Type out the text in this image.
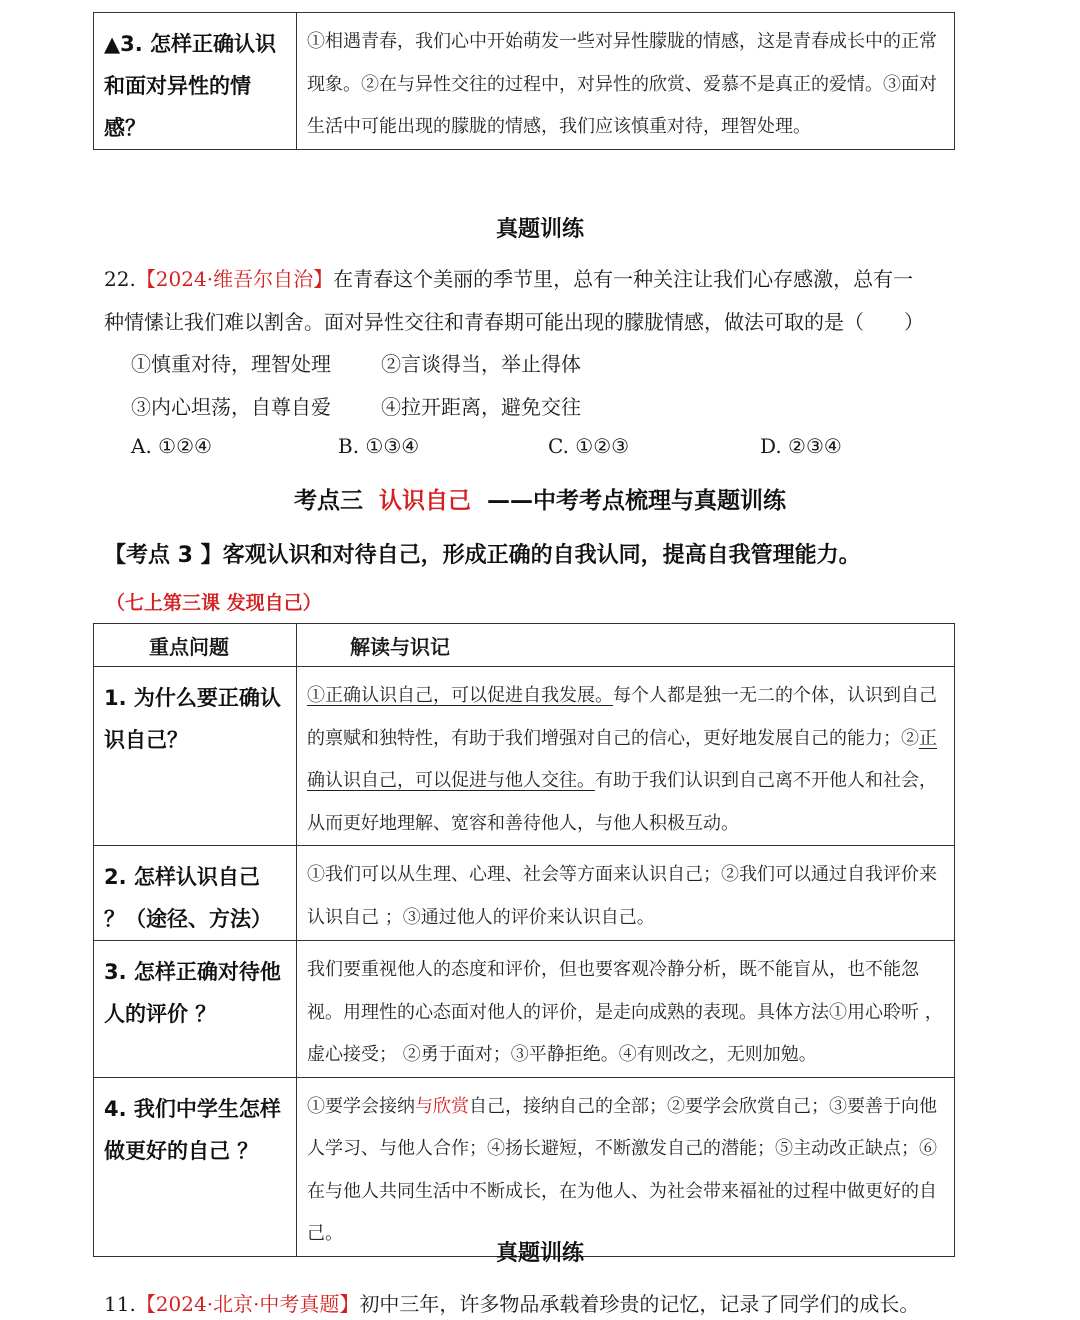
▲3. 怎样正确认识和面对异性的情感？	①相遇青春，我们心中开始萌发一些对异性朦胧的情感，这是青春成长中的正常现象。②在与异性交往的过程中，对异性的欣赏、爱慕不是真正的爱情。③面对生活中可能出现的朦胧的情感，我们应该慎重对待，理智处理。
真题训练
22.【2024·维吾尔自治】在青春这个美丽的季节里，总有一种关注让我们心存感激，总有一
种情愫让我们难以割舍。面对异性交往和青春期可能出现的朦胧情感，做法可取的是（　　）
①慎重对待，理智处理	②言谈得当，举止得体
③内心坦荡，自尊自爱	④拉开距离，避免交往
A. ①②④	B. ①③④	C. ①②③	D. ②③④
考点三 认识自己 ——中考考点梳理与真题训练
【考点 3 】客观认识和对待自己，形成正确的自我认同，提高自我管理能力。
（七上第三课 发现自己）
重点问题	解读与识记
1. 为什么要正确认识自己？	①正确认识自己，可以促进自我发展。每个人都是独一无二的个体，认识到自己的禀赋和独特性，有助于我们增强对自己的信心，更好地发展自己的能力；②正确认识自己，可以促进与他人交往。有助于我们认识到自己离不开他人和社会，从而更好地理解、宽容和善待他人，与他人积极互动。
2. 怎样认识自己 ？（途径、方法）	①我们可以从生理、心理、社会等方面来认识自己；②我们可以通过自我评价来认识自己 ；③通过他人的评价来认识自己。
3. 怎样正确对待他人的评价 ？	我们要重视他人的态度和评价，但也要客观冷静分析，既不能盲从，也不能忽视。用理性的心态面对他人的评价，是走向成熟的表现。具体方法①用心聆听 ，虚心接受； ②勇于面对；③平静拒绝。④有则改之，无则加勉。
4. 我们中学生怎样做更好的自己 ？	①要学会接纳与欣赏自己，接纳自己的全部；②要学会欣赏自己；③要善于向他人学习、与他人合作；④扬长避短，不断激发自己的潜能；⑤主动改正缺点；⑥在与他人共同生活中不断成长，在为他人、为社会带来福祉的过程中做更好的自己。
真题训练
11.【2024·北京·中考真题】初中三年，许多物品承载着珍贵的记忆，记录了同学们的成长。
